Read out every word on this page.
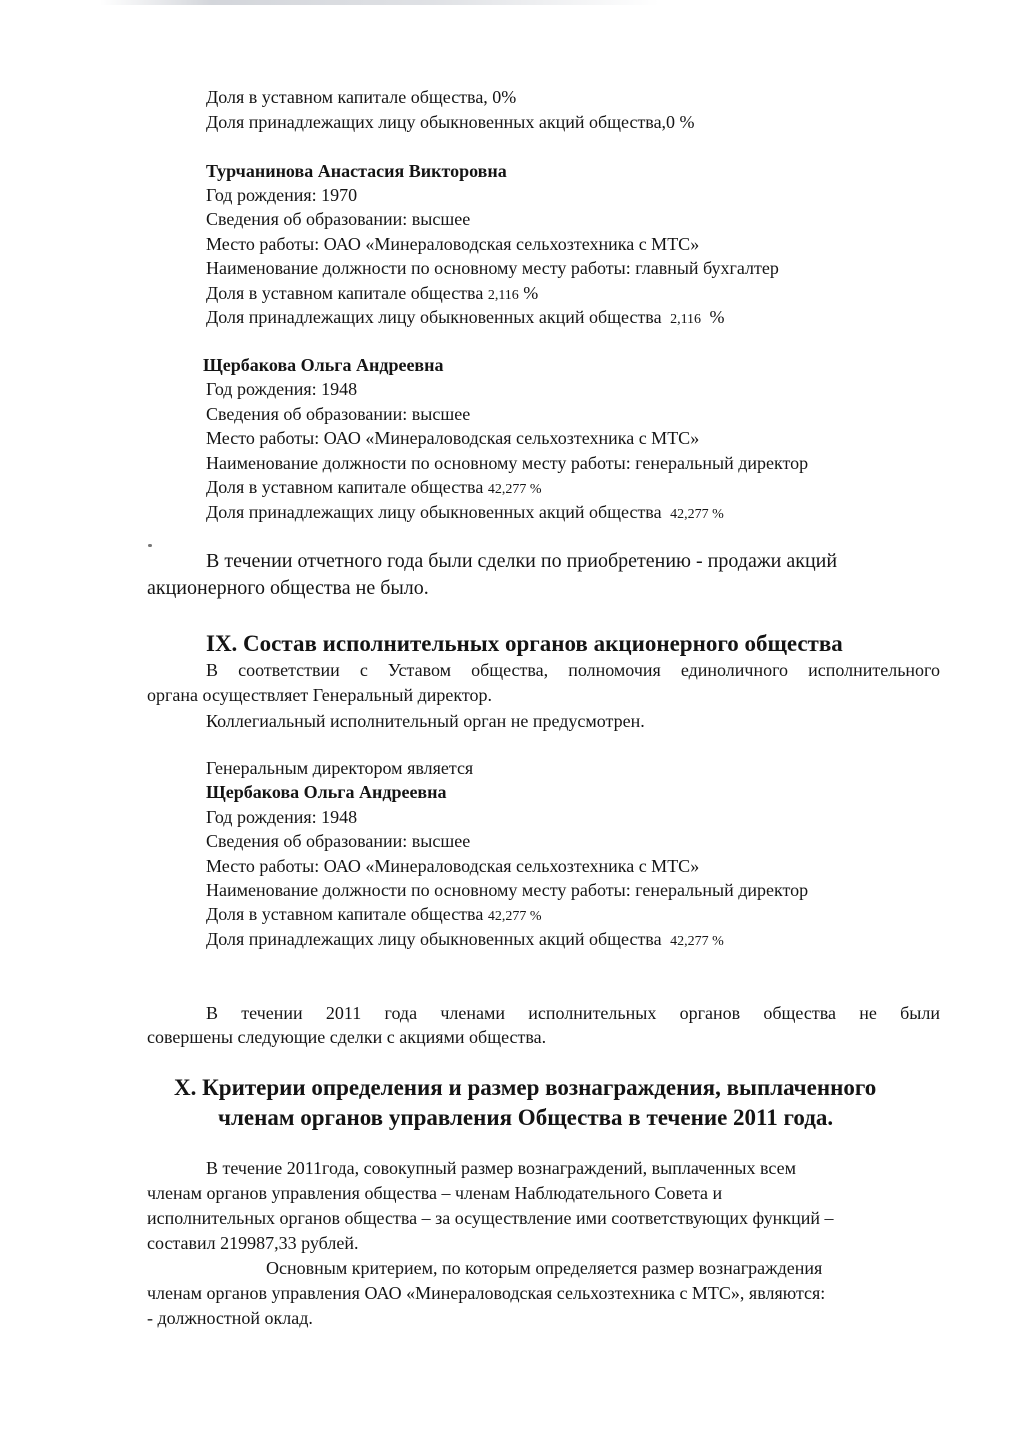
Доля в уставном капитале общества, 0%
Доля принадлежащих лицу обыкновенных акций общества,0 %
Турчанинова Анастасия Викторовна
Год рождения: 1970
Сведения об образовании: высшее
Место работы: ОАО «Минераловодская сельхозтехника с МТС»
Наименование должности по основному месту работы: главный бухгалтер
Доля в уставном капитале общества 2,116 %
Доля принадлежащих лицу обыкновенных акций общества 2,116 %
Щербакова Ольга Андреевна
Год рождения: 1948
Сведения об образовании: высшее
Место работы: ОАО «Минераловодская сельхозтехника с МТС»
Наименование должности по основному месту работы: генеральный директор
Доля в уставном капитале общества 42,277 %
Доля принадлежащих лицу обыкновенных акций общества 42,277 %
В течении отчетного года были сделки по приобретению - продажи акций
акционерного общества не было.
IX. Состав исполнительных органов акционерного общества
В соответствии с Уставом общества, полномочия единоличного исполнительного
органа осуществляет Генеральный директор.
Коллегиальный исполнительный орган не предусмотрен.
Генеральным директором является
Щербакова Ольга Андреевна
Год рождения: 1948
Сведения об образовании: высшее
Место работы: ОАО «Минераловодская сельхозтехника с МТС»
Наименование должности по основному месту работы: генеральный директор
Доля в уставном капитале общества 42,277 %
Доля принадлежащих лицу обыкновенных акций общества 42,277 %
В течении 2011 года членами исполнительных органов общества не были
совершены следующие сделки с акциями общества.
X. Критерии определения и размер вознаграждения, выплаченного
членам органов управления Общества в течение 2011 года.
В течение 2011года, совокупный размер вознаграждений, выплаченных всем
членам органов управления общества – членам Наблюдательного Совета и
исполнительных органов общества – за осуществление ими соответствующих функций –
составил 219987,33 рублей.
Основным критерием, по которым определяется размер вознаграждения
членам органов управления ОАО «Минераловодская сельхозтехника с МТС», являются:
- должностной оклад.
